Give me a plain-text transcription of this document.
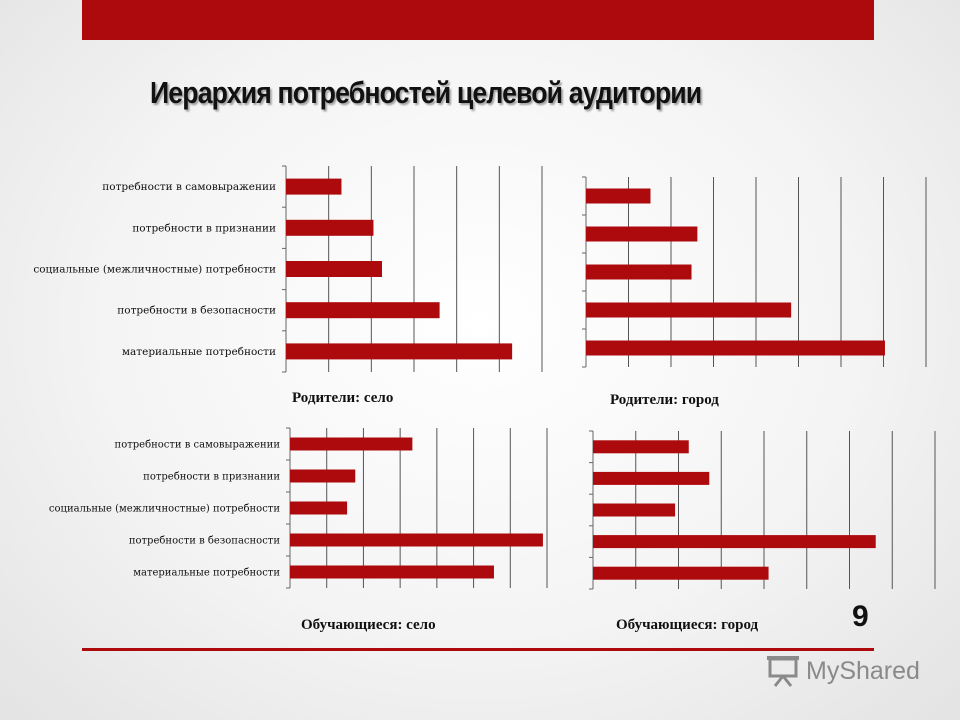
Иерархия потребностей целевой аудитории
потребности в самовыражении
потребности в признании
социальные (межличностные) потребности
потребности в безопасности
материальные потребности
потребности в самовыражении
потребности в признании
социальные (межличностные) потребности
потребности в безопасности
материальные потребности
Родители: село	Родители: город
Обучающиеся: село	Обучающиеся: город	9
MyShared
